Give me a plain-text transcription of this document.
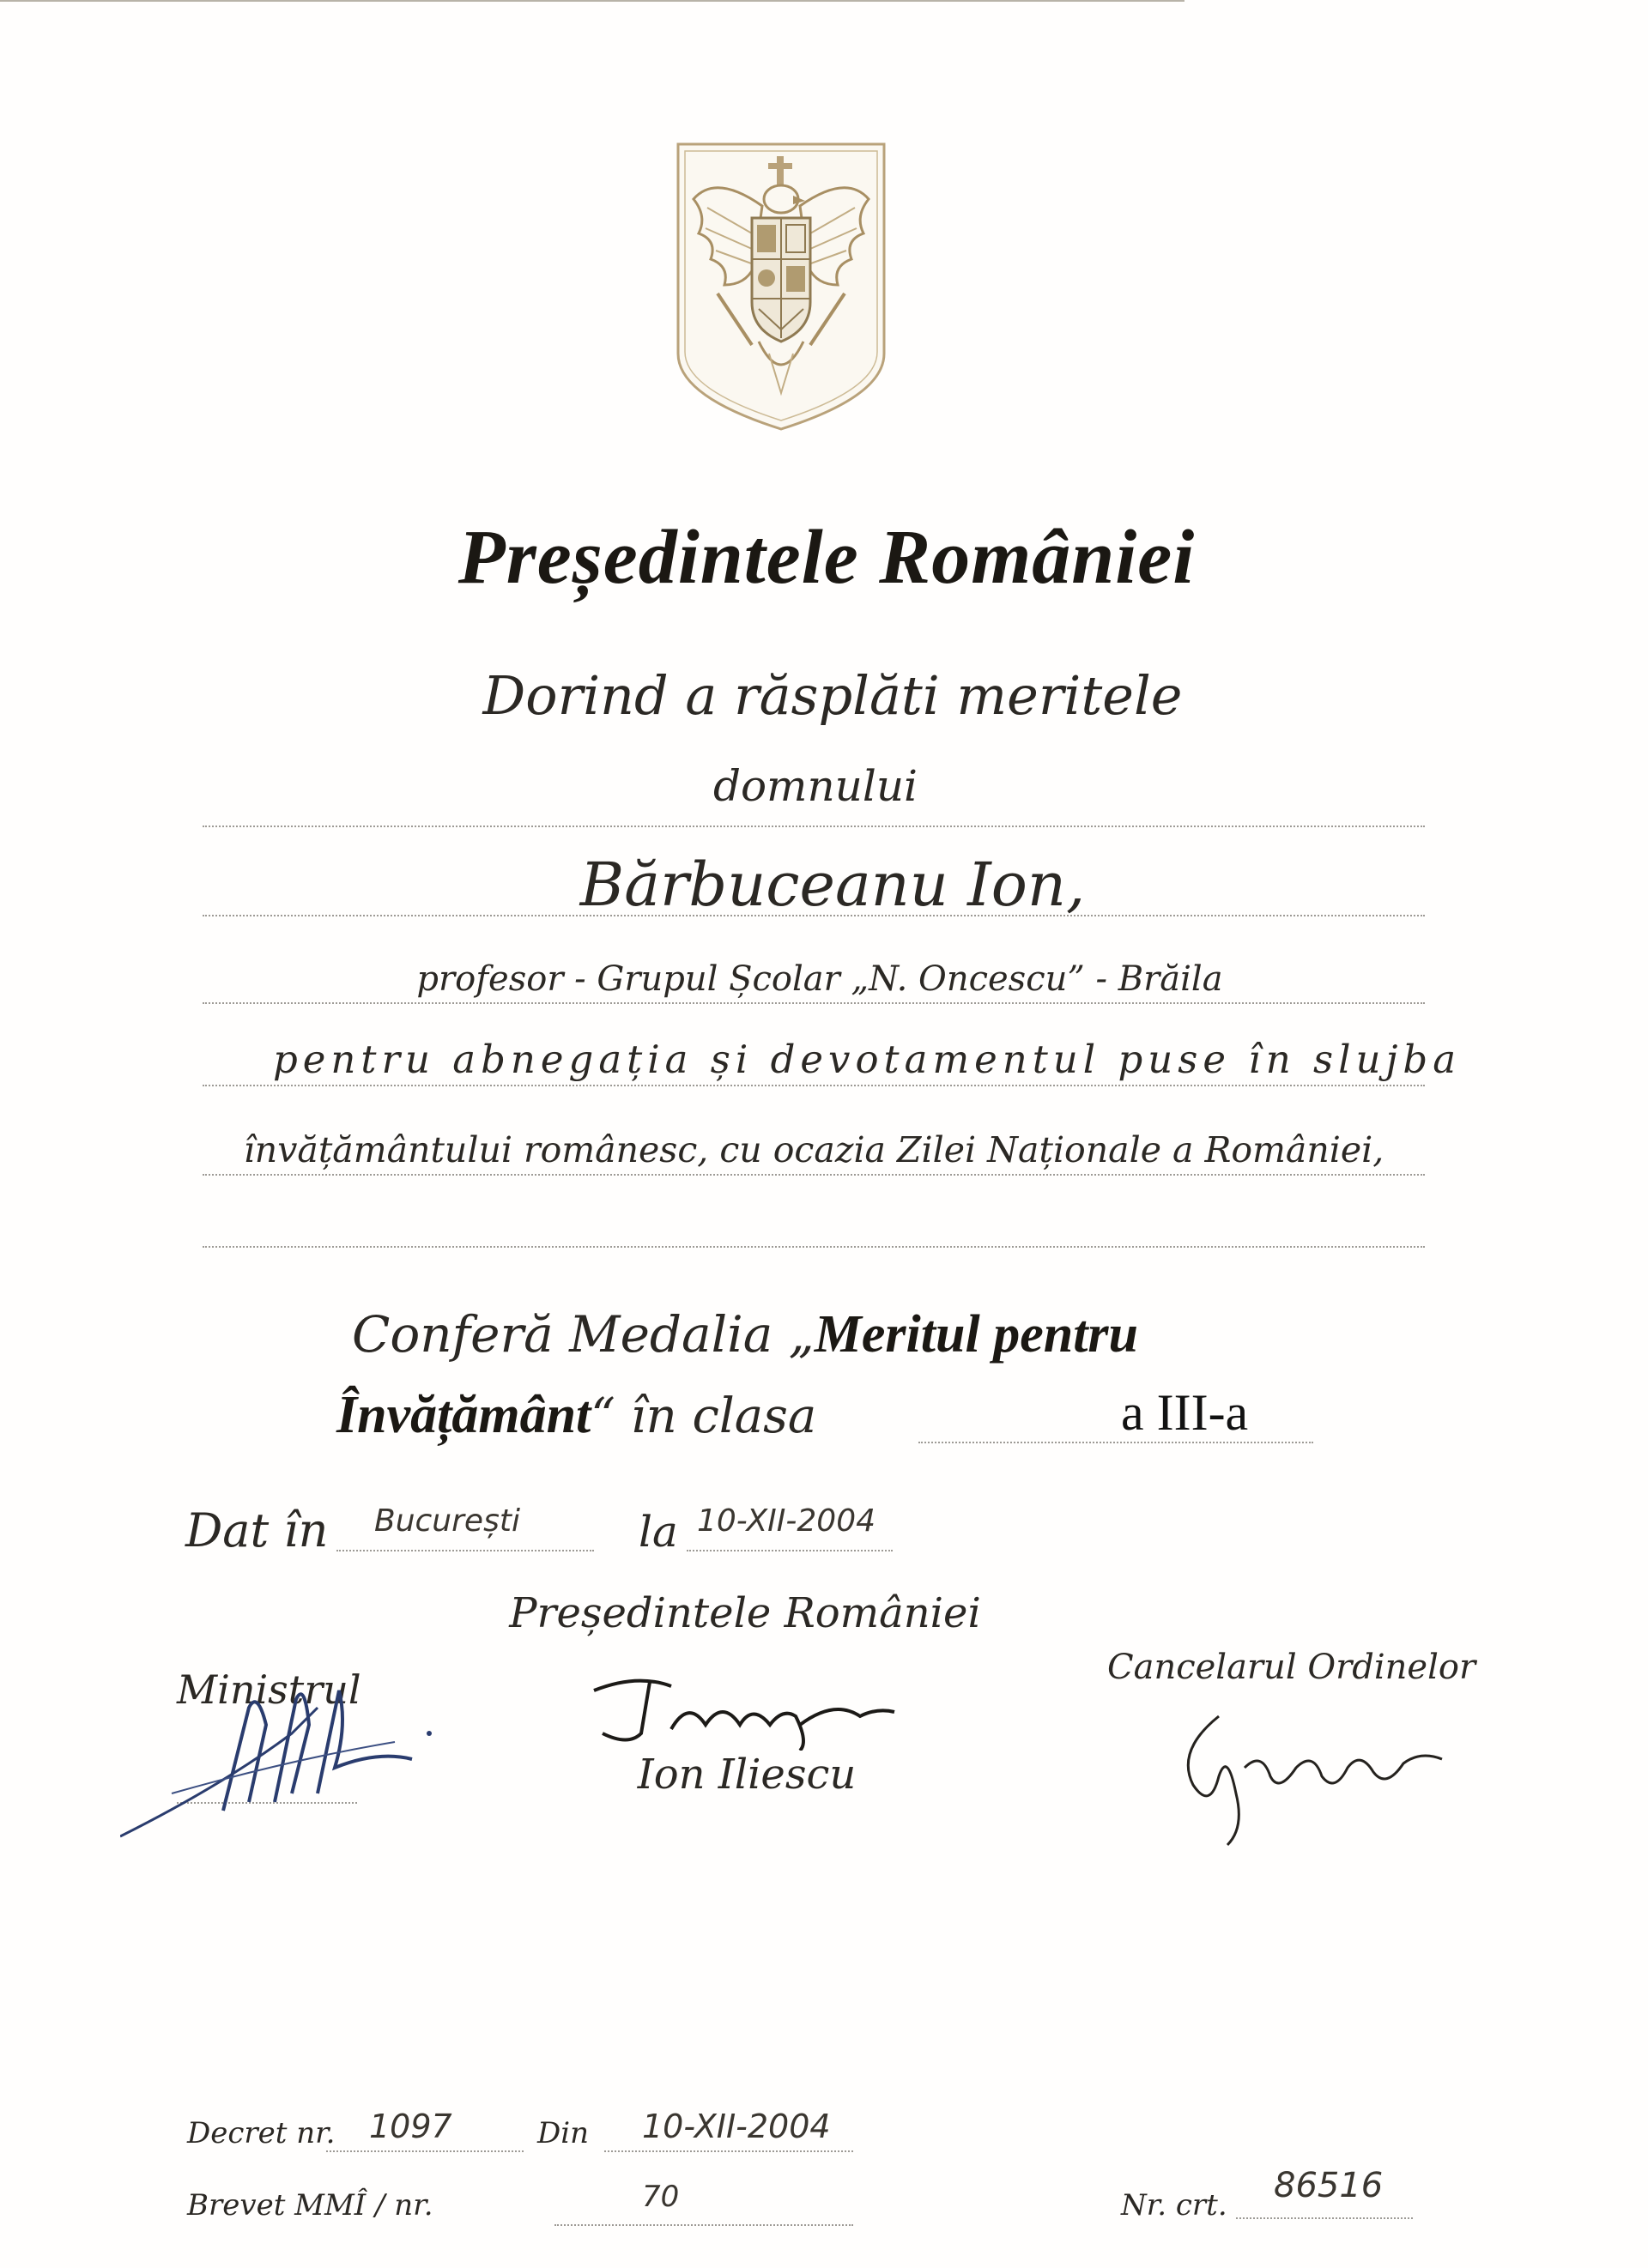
Președintele României
Dorind a răsplăti meritele
domnului
Bărbuceanu Ion,
profesor - Grupul Școlar „N. Oncescu” - Brăila
pentru abnegația și devotamentul puse în slujba
învățământului românesc, cu ocazia Zilei Naționale a României,
Conferă Medalia „Meritul pentru
Învățământ“ în clasa	a III-a
Dat în București	la 10-XII-2004
Președintele României
Ministrul
Ion Iliescu
Cancelarul Ordinelor
Decret nr. 1097	Din 10-XII-2004
Brevet MMÎ / nr.	70	Nr. crt. 86516
